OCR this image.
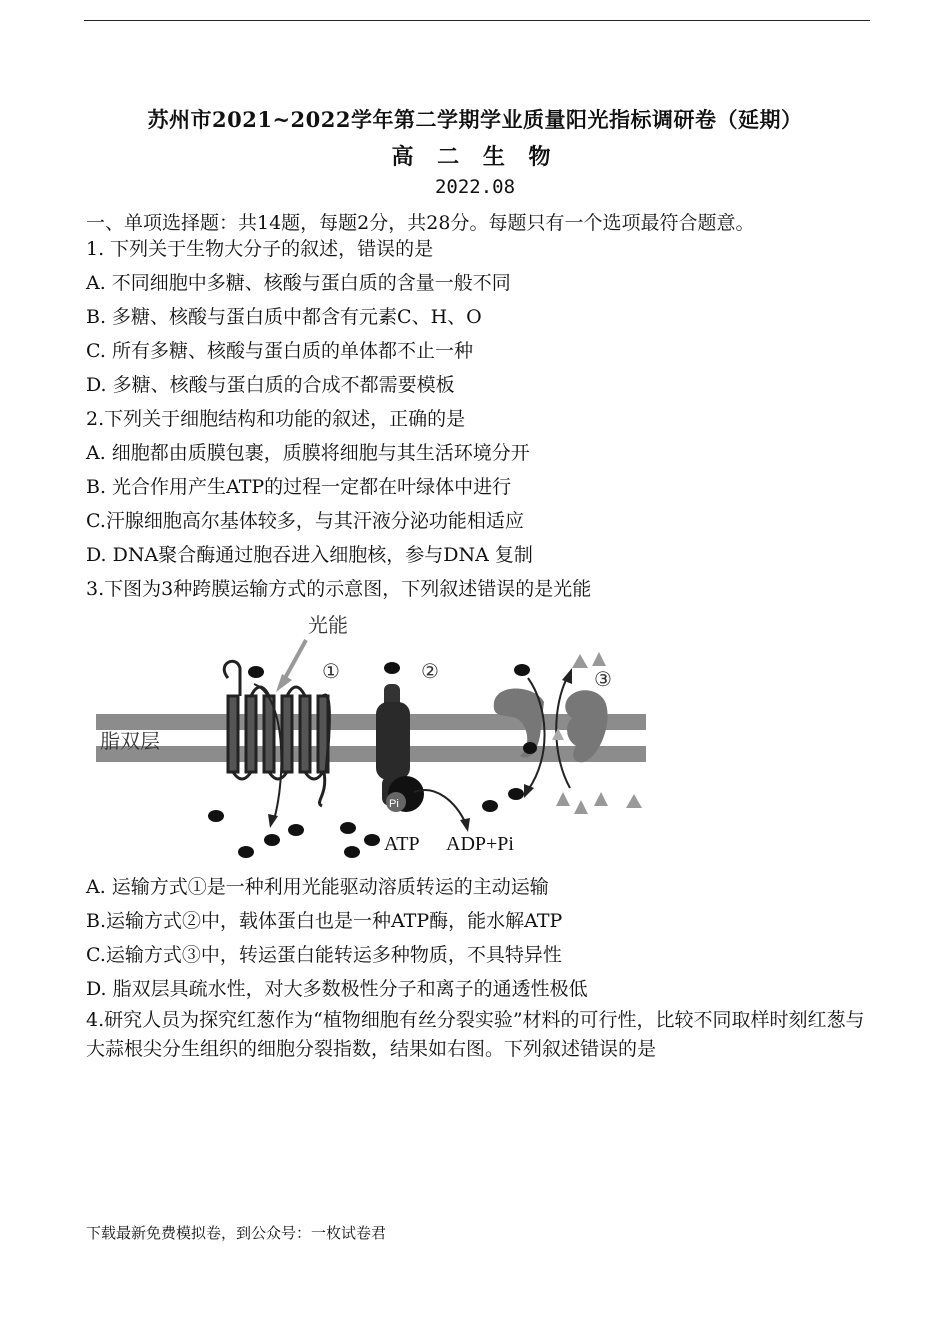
苏州市2021~2022学年第二学期学业质量阳光指标调研卷（延期）
高 二 生 物
2022.08
一、单项选择题：共14题，每题2分，共28分。每题只有一个选项最符合题意。
1. 下列关于生物大分子的叙述，错误的是
A. 不同细胞中多糖、核酸与蛋白质的含量一般不同
B. 多糖、核酸与蛋白质中都含有元素C、H、O
C. 所有多糖、核酸与蛋白质的单体都不止一种
D. 多糖、核酸与蛋白质的合成不都需要模板
2.下列关于细胞结构和功能的叙述，正确的是
A. 细胞都由质膜包裹，质膜将细胞与其生活环境分开
B. 光合作用产生ATP的过程一定都在叶绿体中进行
C.汗腺细胞高尔基体较多，与其汗液分泌功能相适应
D. DNA聚合酶通过胞吞进入细胞核，参与DNA 复制
3.下图为3种跨膜运输方式的示意图，下列叙述错误的是光能
脂双层
光能
①
Pi
②
ATP ADP+Pi
③
A. 运输方式①是一种利用光能驱动溶质转运的主动运输
B.运输方式②中，载体蛋白也是一种ATP酶，能水解ATP
C.运输方式③中，转运蛋白能转运多种物质，不具特异性
D. 脂双层具疏水性，对大多数极性分子和离子的通透性极低
4.研究人员为探究红葱作为“植物细胞有丝分裂实验”材料的可行性，比较不同取样时刻红葱与大蒜根尖分生组织的细胞分裂指数，结果如右图。下列叙述错误的是
下载最新免费模拟卷，到公众号：一枚试卷君
